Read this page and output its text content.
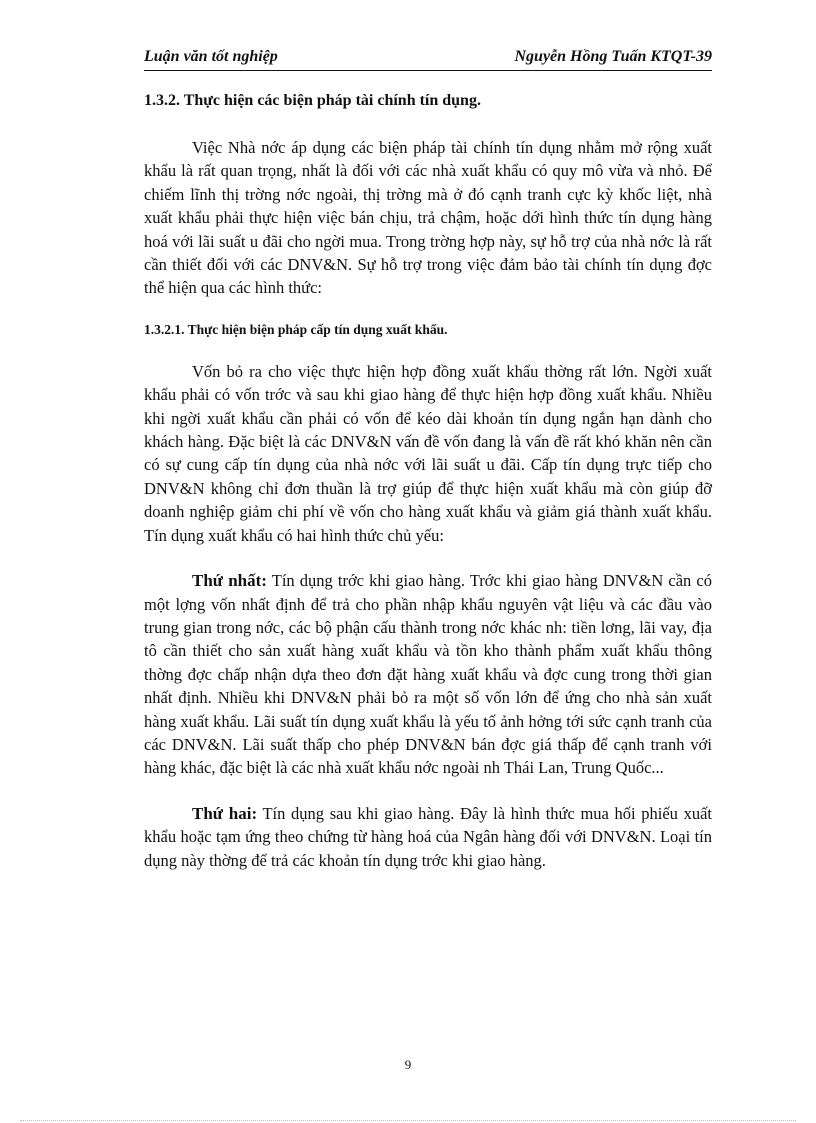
Luận văn tốt nghiệp	Nguyễn Hồng Tuấn KTQT-39
1.3.2. Thực hiện các biện pháp tài chính tín dụng.

Việc Nhà nớc áp dụng các biện pháp tài chính tín dụng nhằm mở rộng xuất khẩu là rất quan trọng, nhất là đối với các nhà xuất khẩu có quy mô vừa và nhỏ. Để chiếm lĩnh thị trờng nớc ngoài, thị trờng mà ở đó cạnh tranh cực kỳ khốc liệt, nhà xuất khẩu phải thực hiện việc bán chịu, trả chậm, hoặc dới hình thức tín dụng hàng hoá với lãi suất u đãi cho ngời mua. Trong trờng hợp này, sự hỗ trợ của nhà nớc là rất cần thiết đối với các DNV&N. Sự hỗ trợ trong việc đảm bảo tài chính tín dụng đợc thể hiện qua các hình thức:

1.3.2.1. Thực hiện biện pháp cấp tín dụng xuất khẩu.

Vốn bỏ ra cho việc thực hiện hợp đồng xuất khẩu thờng rất lớn. Ngời xuất khẩu phải có vốn trớc và sau khi giao hàng để thực hiện hợp đồng xuất khẩu. Nhiều khi ngời xuất khẩu cần phải có vốn để kéo dài khoản tín dụng ngắn hạn dành cho khách hàng. Đặc biệt là các DNV&N vấn đề vốn đang là vấn đề rất khó khăn nên cần có sự cung cấp tín dụng của nhà nớc với lãi suất u đãi. Cấp tín dụng trực tiếp cho DNV&N không chỉ đơn thuần là trợ giúp để thực hiện xuất khẩu mà còn giúp đỡ doanh nghiệp giảm chi phí về vốn cho hàng xuất khẩu và giảm giá thành xuất khẩu. Tín dụng xuất khẩu có hai hình thức chủ yếu:

Thứ nhất: Tín dụng trớc khi giao hàng. Trớc khi giao hàng DNV&N cần có một lợng vốn nhất định để trả cho phần nhập khẩu nguyên vật liệu và các đầu vào trung gian trong nớc, các bộ phận cấu thành trong nớc khác nh: tiền lơng, lãi vay, địa tô cần thiết cho sản xuất hàng xuất khẩu và tồn kho thành phẩm xuất khẩu thông thờng đợc chấp nhận dựa theo đơn đặt hàng xuất khẩu và đợc cung trong thời gian nhất định. Nhiều khi DNV&N phải bỏ ra một số vốn lớn để ứng cho nhà sản xuất hàng xuất khẩu. Lãi suất tín dụng xuất khẩu là yếu tố ảnh hởng tới sức cạnh tranh của các DNV&N. Lãi suất thấp cho phép DNV&N bán đợc giá thấp để cạnh tranh với hàng khác, đặc biệt là các nhà xuất khẩu nớc ngoài nh Thái Lan, Trung Quốc...

Thứ hai: Tín dụng sau khi giao hàng. Đây là hình thức mua hối phiếu xuất khẩu hoặc tạm ứng theo chứng từ hàng hoá của Ngân hàng đối với DNV&N. Loại tín dụng này thờng để trả các khoản tín dụng trớc khi giao hàng.

9
